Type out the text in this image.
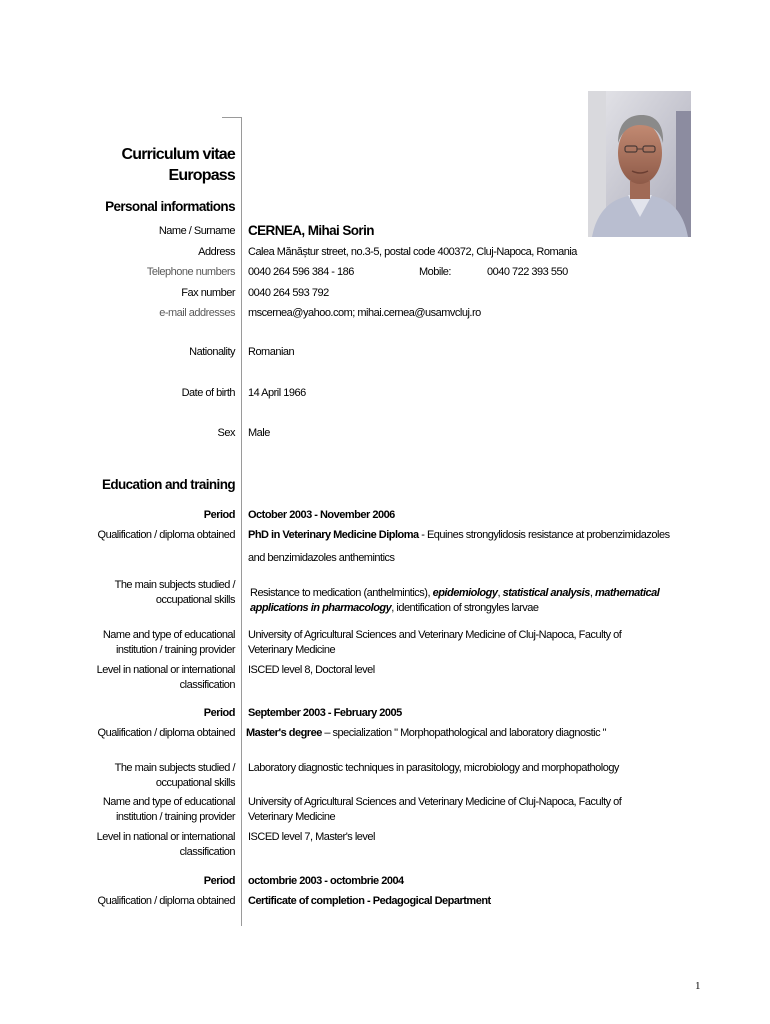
Curriculum vitae
Europass
Personal informations
Name / Surname CERNEA, Mihai Sorin
Address Calea Mănăștur street, no.3-5, postal code 400372, Cluj-Napoca, Romania
Telephone numbers 0040 264 596 384 - 186	Mobile:	0040 722 393 550
Fax number 0040 264 593 792
e-mail addresses mscernea@yahoo.com; mihai.cernea@usamvcluj.ro
Nationality Romanian
Date of birth 14 April 1966
Sex Male
Education and training
Period October 2003 - November 2006
Qualification / diploma obtained PhD in Veterinary Medicine Diploma - Equines strongylidosis resistance at probenzimidazoles
and benzimidazoles anthemintics
The main subjects studied /
occupational skills
Resistance to medication (anthelmintics), epidemiology, statistical analysis, mathematical
applications in pharmacology, identification of strongyles larvae
Name and type of educational
institution / training provider
University of Agricultural Sciences and Veterinary Medicine of Cluj-Napoca, Faculty of
Veterinary Medicine
Level in national or international
classification
ISCED level 8, Doctoral level
Period September 2003 - February 2005
Qualification / diploma obtained Master's degree – specialization " Morphopathological and laboratory diagnostic "
The main subjects studied /
occupational skills
Laboratory diagnostic techniques in parasitology, microbiology and morphopathology
Name and type of educational
institution / training provider
University of Agricultural Sciences and Veterinary Medicine of Cluj-Napoca, Faculty of
Veterinary Medicine
Level in national or international
classification
ISCED level 7, Master's level
Period octombrie 2003 - octombrie 2004
Qualification / diploma obtained Certificate of completion - Pedagogical Department
1
